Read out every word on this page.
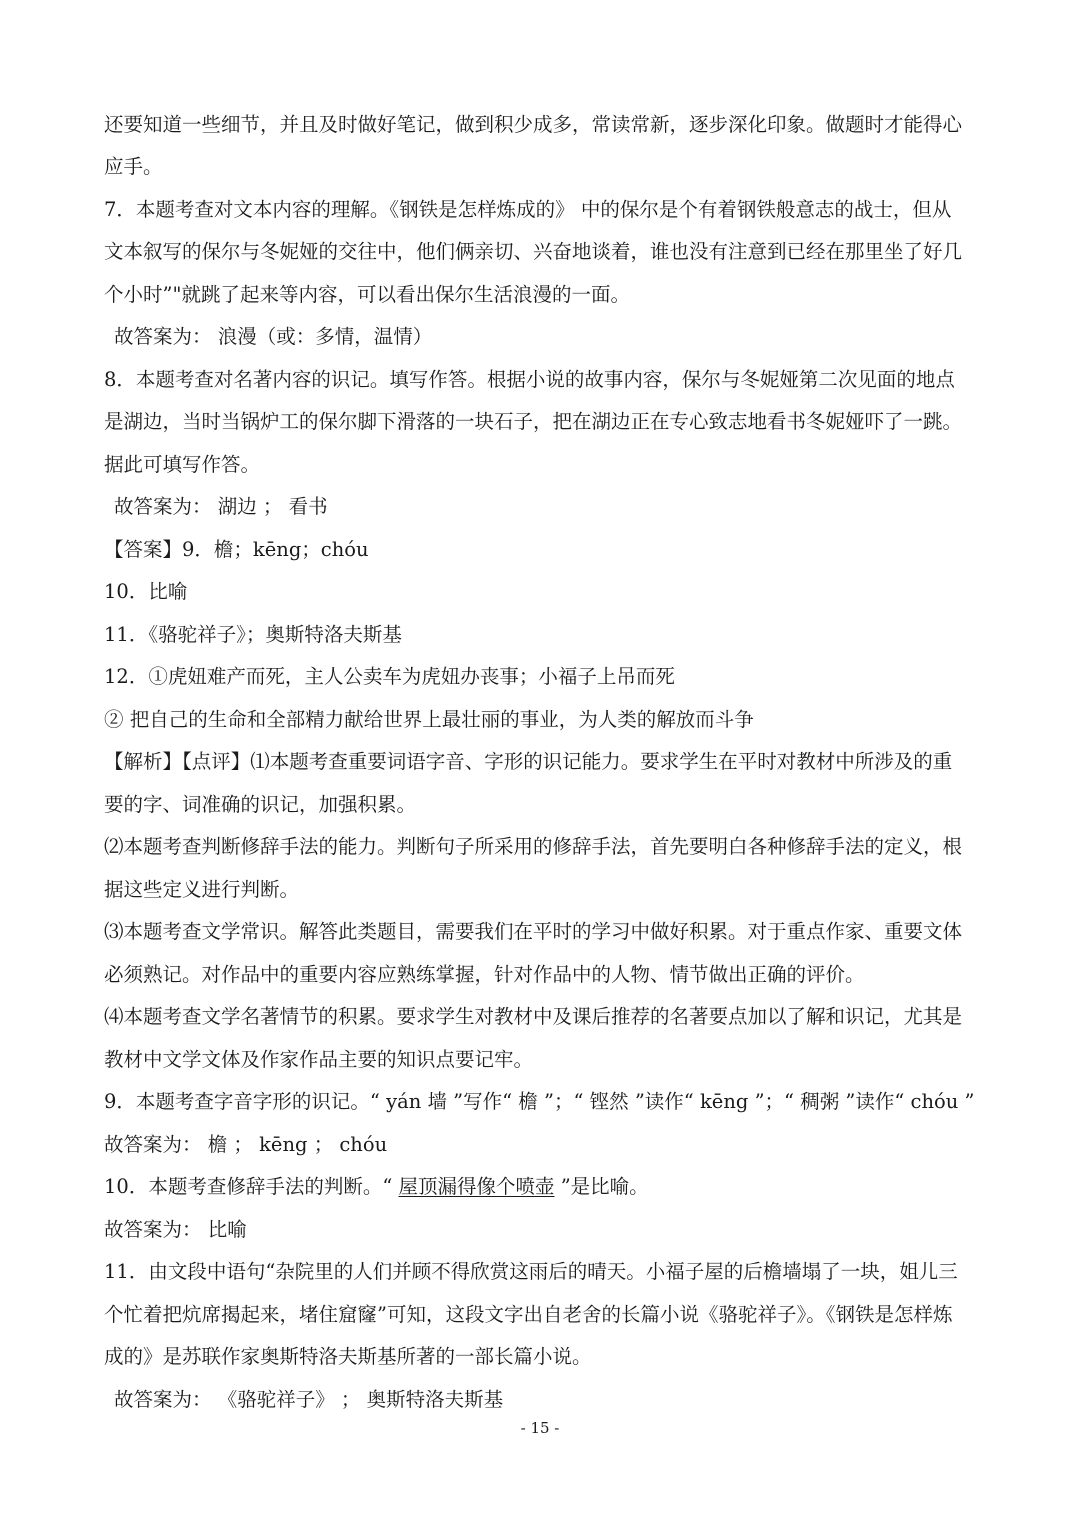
还要知道一些细节，并且及时做好笔记，做到积少成多，常读常新，逐步深化印象。做题时才能得心
应手。
7．本题考查对文本内容的理解。《钢铁是怎样炼成的》 中的保尔是个有着钢铁般意志的战士，但从
文本叙写的保尔与冬妮娅的交往中，他们俩亲切、兴奋地谈着，谁也没有注意到已经在那里坐了好几
个小时”"就跳了起来等内容，可以看出保尔生活浪漫的一面。
故答案为： 浪漫（或：多情，温情）
8．本题考查对名著内容的识记。填写作答。根据小说的故事内容，保尔与冬妮娅第二次见面的地点
是湖边，当时当锅炉工的保尔脚下滑落的一块石子，把在湖边正在专心致志地看书冬妮娅吓了一跳。
据此可填写作答。
故答案为： 湖边 ； 看书
【答案】9．檐；kēng；chóu
10．比喻
11．《骆驼祥子》；奥斯特洛夫斯基
12．①虎妞难产而死，主人公卖车为虎妞办丧事；小福子上吊而死
② 把自己的生命和全部精力献给世界上最壮丽的事业，为人类的解放而斗争
【解析】【点评】⑴本题考查重要词语字音、字形的识记能力。要求学生在平时对教材中所涉及的重
要的字、词准确的识记，加强积累。
⑵本题考查判断修辞手法的能力。判断句子所采用的修辞手法，首先要明白各种修辞手法的定义，根
据这些定义进行判断。
⑶本题考查文学常识。解答此类题目，需要我们在平时的学习中做好积累。对于重点作家、重要文体
必须熟记。对作品中的重要内容应熟练掌握，针对作品中的人物、情节做出正确的评价。
⑷本题考查文学名著情节的积累。要求学生对教材中及课后推荐的名著要点加以了解和识记，尤其是
教材中文学文体及作家作品主要的知识点要记牢。
9．本题考查字音字形的识记。“ yán 墙 ”写作“ 檐 ”；“ 铿然 ”读作“ kēng ”；“ 稠粥 ”读作“ chóu ”
故答案为： 檐 ； kēng ； chóu
10．本题考查修辞手法的判断。“ 屋顶漏得像个喷壶 ”是比喻。
故答案为： 比喻
11．由文段中语句“杂院里的人们并顾不得欣赏这雨后的晴天。小福子屋的后檐墙塌了一块，姐儿三
个忙着把炕席揭起来，堵住窟窿”可知，这段文字出自老舍的长篇小说《骆驼祥子》。《钢铁是怎样炼
成的》是苏联作家奥斯特洛夫斯基所著的一部长篇小说。
故答案为： 《骆驼祥子》 ； 奥斯特洛夫斯基
- 15 -
